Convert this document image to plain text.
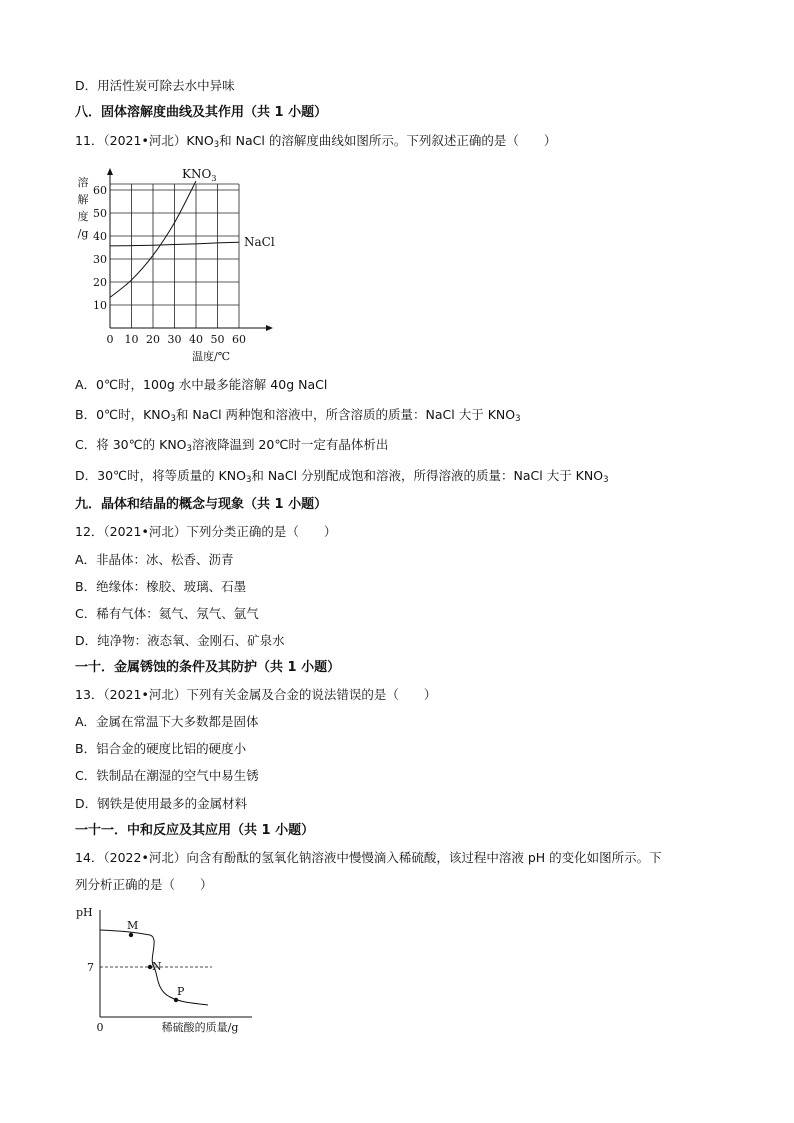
D．用活性炭可除去水中异味
八．固体溶解度曲线及其作用（共 1 小题）
11．（2021•河北）$KNO_3$和 NaCl 的溶解度曲线如图所示。下列叙述正确的是（　　）
0 10 20 30 40 50 60
10
20
30
40
50
60
溶
解
度
/g
温度/℃
$KNO_3$
NaCl
A．0℃时，100g 水中最多能溶解 40g NaCl
B．0℃时，$KNO_3$和 NaCl 两种饱和溶液中，所含溶质的质量：NaCl 大于 $KNO_3$
C．将 30℃的 $KNO_3$溶液降温到 20℃时一定有晶体析出
D．30℃时，将等质量的 $KNO_3$和 NaCl 分别配成饱和溶液，所得溶液的质量：NaCl 大于 $KNO_3$
九．晶体和结晶的概念与现象（共 1 小题）
12．（2021•河北）下列分类正确的是（　　）
A．非晶体：冰、松香、沥青
B．绝缘体：橡胶、玻璃、石墨
C．稀有气体：氦气、氖气、氩气
D．纯净物：液态氧、金刚石、矿泉水
一十．金属锈蚀的条件及其防护（共 1 小题）
13．（2021•河北）下列有关金属及合金的说法错误的是（　　）
A．金属在常温下大多数都是固体
B．铝合金的硬度比铝的硬度小
C．铁制品在潮湿的空气中易生锈
D．钢铁是使用最多的金属材料
一十一．中和反应及其应用（共 1 小题）
14．（2022•河北）向含有酚酞的氢氧化钠溶液中慢慢滴入稀硫酸，该过程中溶液 pH 的变化如图所示。下
列分析正确的是（　　）
pH
7
0	稀硫酸的质量/g
M
N
P
